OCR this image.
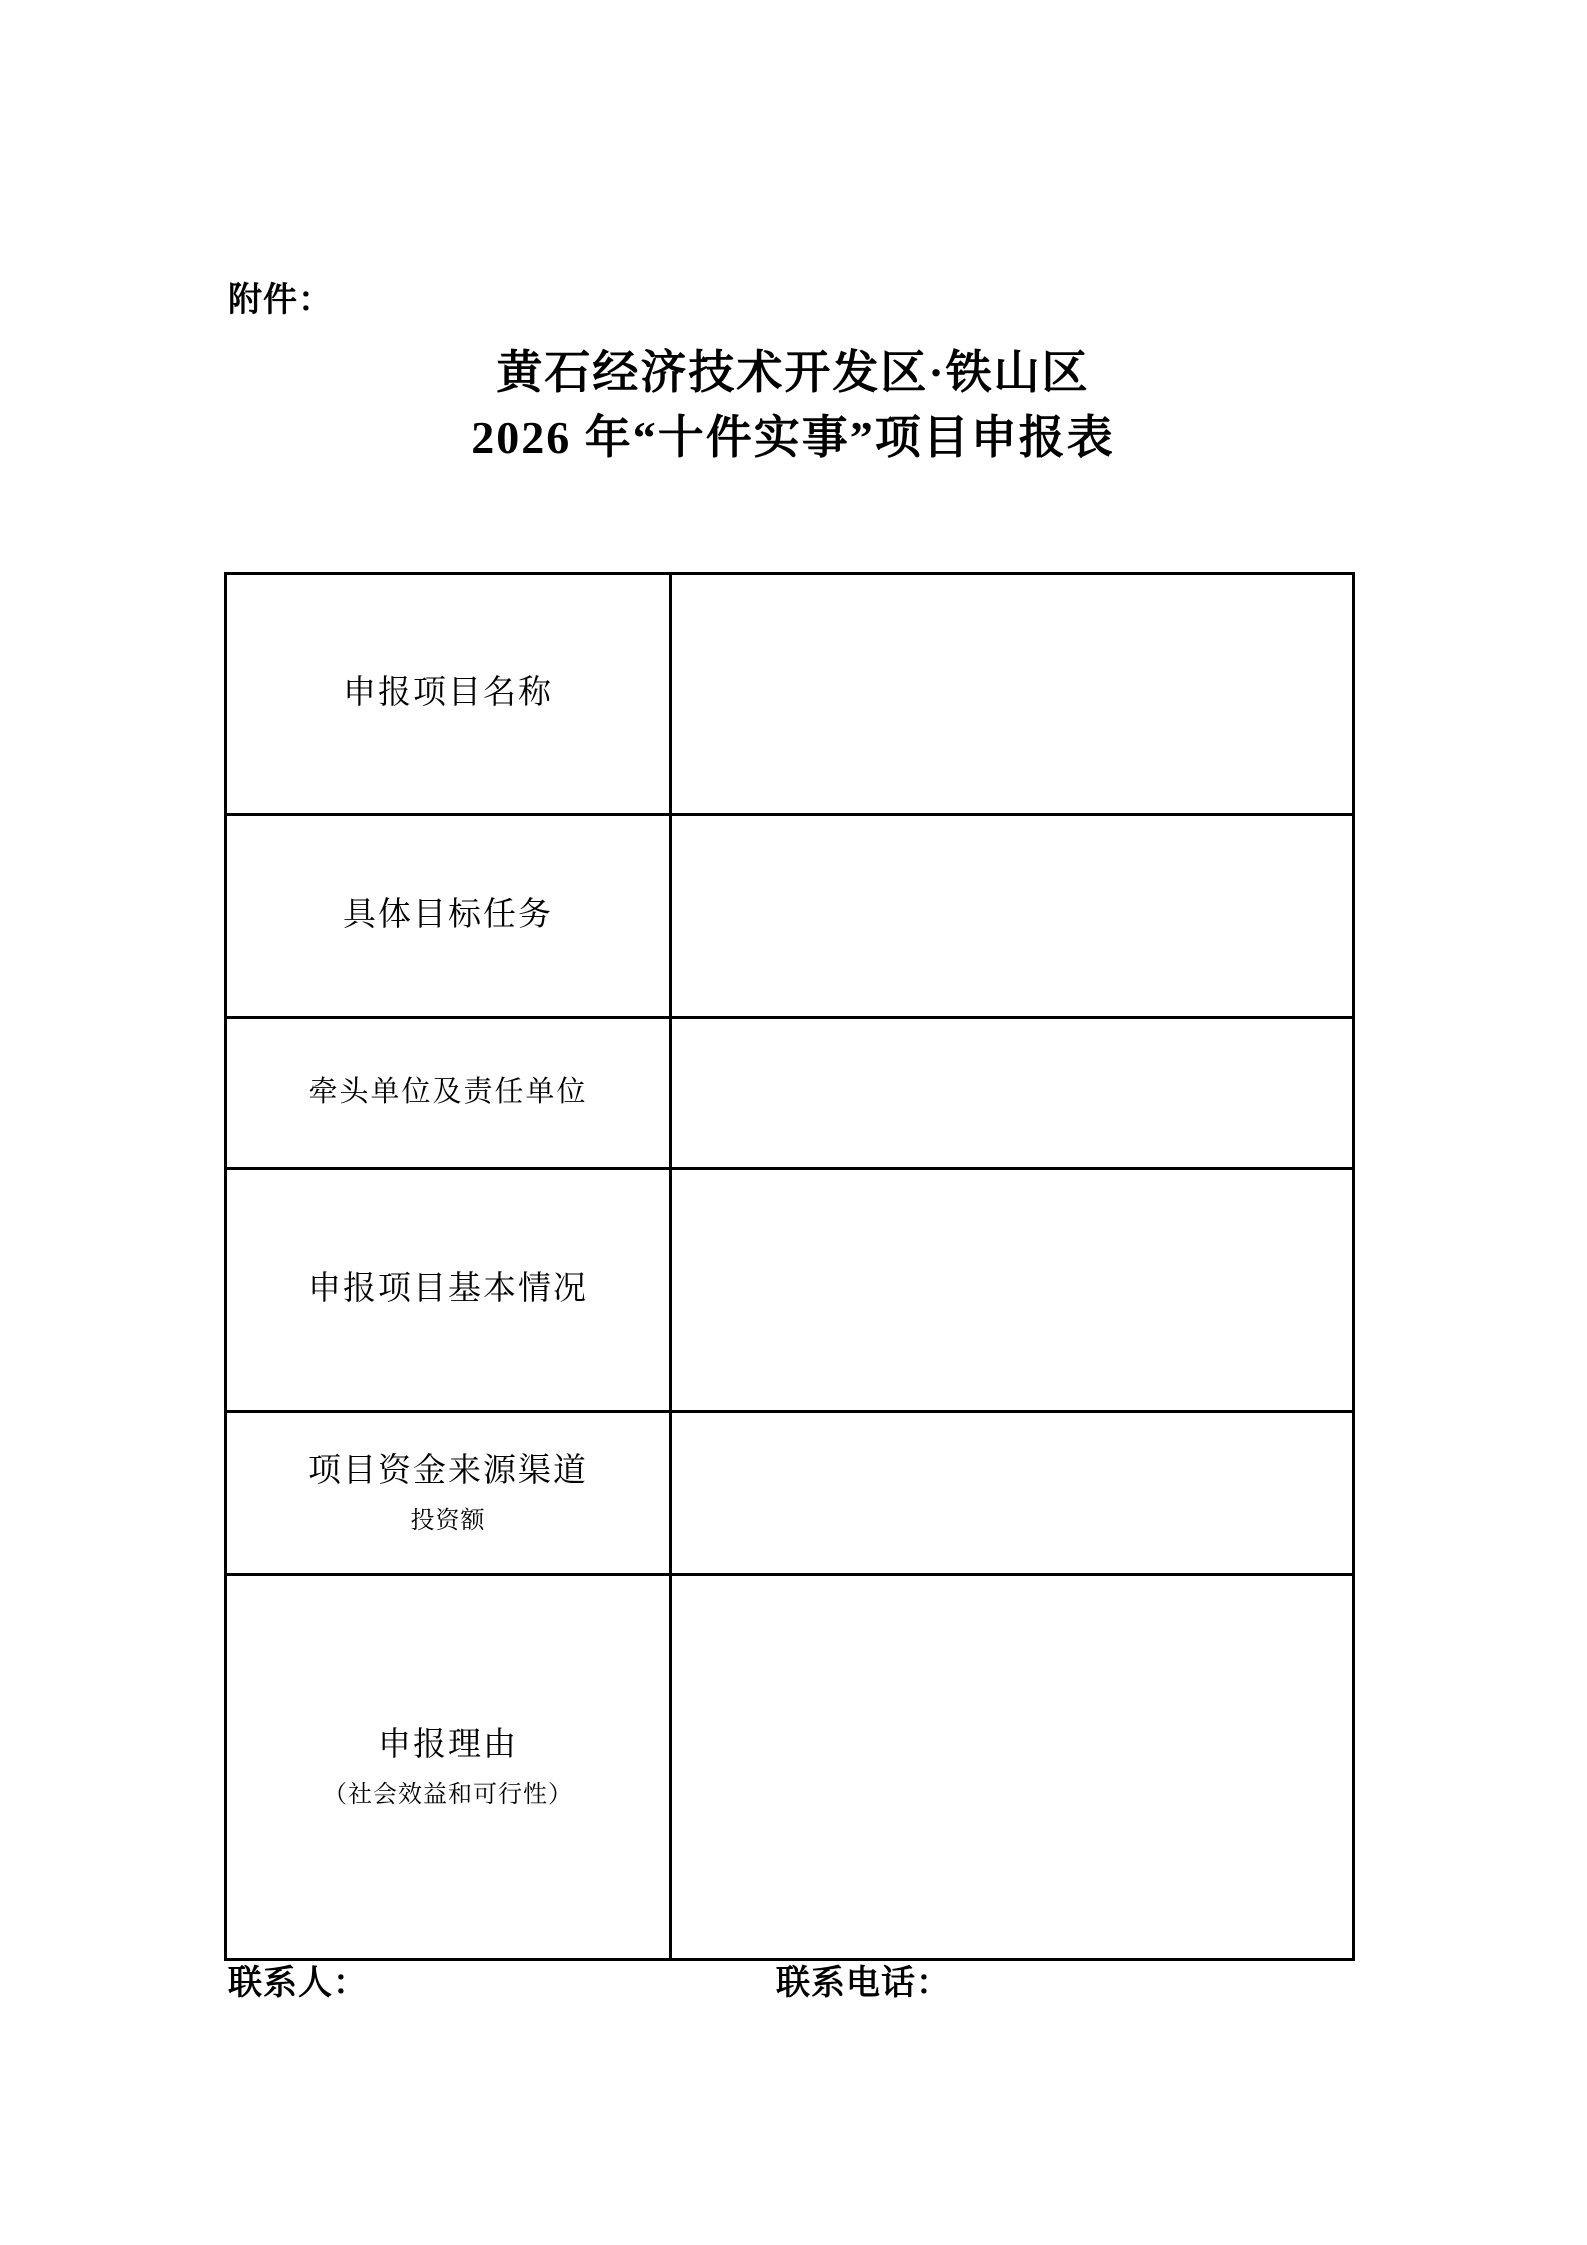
附件：
黄石经济技术开发区·铁山区
2026 年“十件实事”项目申报表
申报项目名称	

具体目标任务	

牵头单位及责任单位	

申报项目基本情况	

项目资金来源渠道
投资额	

申报理由
（社会效益和可行性）	

联系人：	联系电话：
